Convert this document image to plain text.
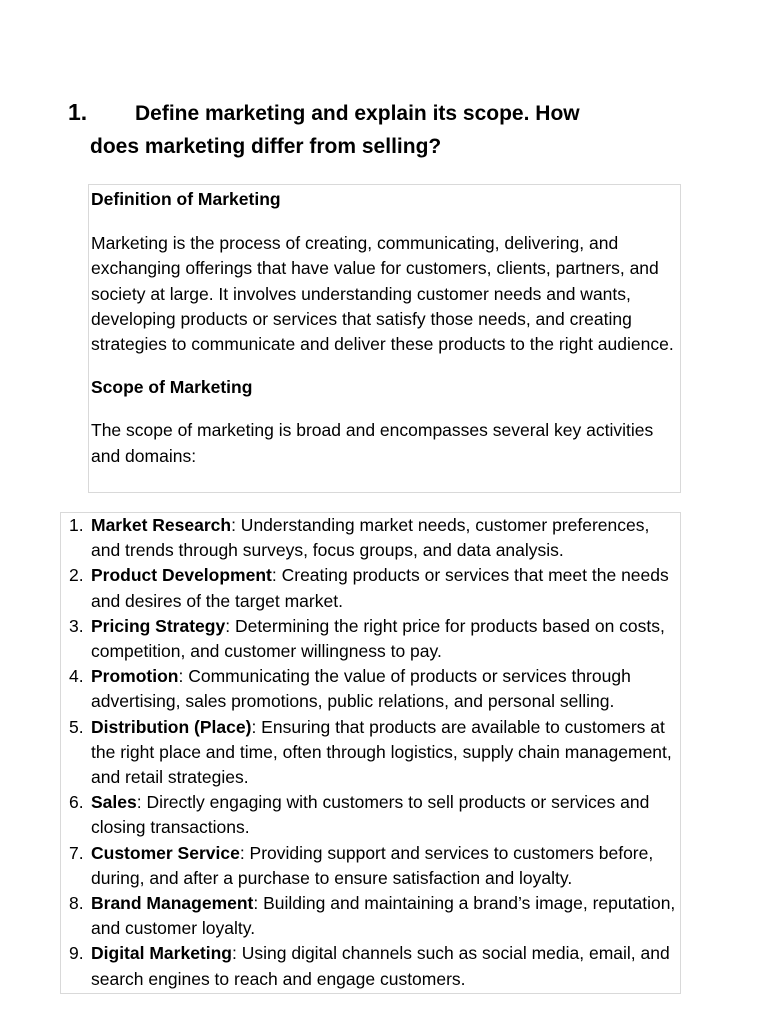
1. Define marketing and explain its scope. How
does marketing differ from selling?
Definition of Marketing

Marketing is the process of creating, communicating, delivering, and exchanging offerings that have value for customers, clients, partners, and society at large. It involves understanding customer needs and wants, developing products or services that satisfy those needs, and creating strategies to communicate and deliver these products to the right audience.

Scope of Marketing

The scope of marketing is broad and encompasses several key activities and domains:

1. Market Research: Understanding market needs, customer preferences, and trends through surveys, focus groups, and data analysis.
2. Product Development: Creating products or services that meet the needs and desires of the target market.
3. Pricing Strategy: Determining the right price for products based on costs, competition, and customer willingness to pay.
4. Promotion: Communicating the value of products or services through advertising, sales promotions, public relations, and personal selling.
5. Distribution (Place): Ensuring that products are available to customers at the right place and time, often through logistics, supply chain management, and retail strategies.
6. Sales: Directly engaging with customers to sell products or services and closing transactions.
7. Customer Service: Providing support and services to customers before, during, and after a purchase to ensure satisfaction and loyalty.
8. Brand Management: Building and maintaining a brand’s image, reputation, and customer loyalty.
9. Digital Marketing: Using digital channels such as social media, email, and search engines to reach and engage customers.
